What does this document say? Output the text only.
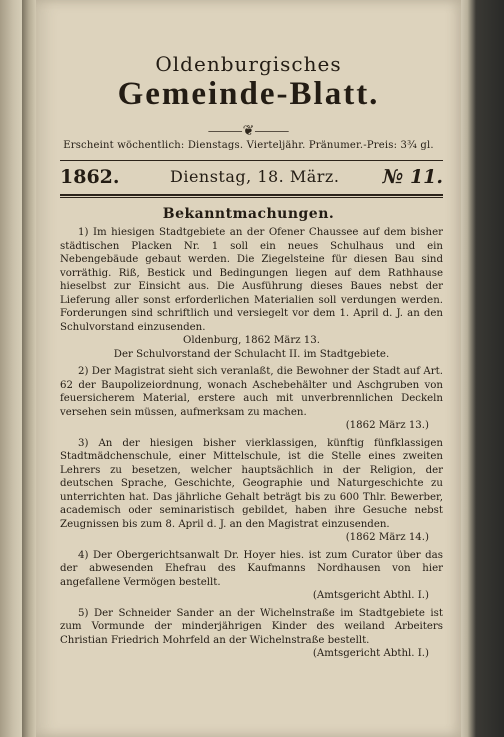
Oldenburgisches
Gemeinde-Blatt.
⸻❦⸻
Erscheint wöchentlich: Dienstags. Vierteljähr. Pränumer.-Preis: 3¾ gl.
1862.	Dienstag, 18. März. № 11.
Bekanntmachungen.

1) Im hiesigen Stadtgebiete an der Ofener Chaussee auf dem bisher städtischen Placken Nr. 1 soll ein neues Schulhaus und ein Nebengebäude gebaut werden. Die Ziegelsteine für diesen Bau sind vorräthig. Riß, Bestick und Bedingungen liegen auf dem Rathhause hieselbst zur Einsicht aus. Die Ausführung dieses Baues nebst der Lieferung aller sonst erforderlichen Materialien soll verdungen werden. Forderungen sind schriftlich und versiegelt vor dem 1. April d. J. an den Schulvorstand einzusenden.

Oldenburg, 1862 März 13.

Der Schulvorstand der Schulacht II. im Stadtgebiete.

2) Der Magistrat sieht sich veranlaßt, die Bewohner der Stadt auf Art. 62 der Baupolizeiordnung, wonach Aschebehälter und Aschgruben von feuersicherem Material, erstere auch mit unverbrennlichen Deckeln versehen sein müssen, aufmerksam zu machen.

(1862 März 13.)

3) An der hiesigen bisher vierklassigen, künftig fünfklassigen Stadtmädchenschule, einer Mittelschule, ist die Stelle eines zweiten Lehrers zu besetzen, welcher hauptsächlich in der Religion, der deutschen Sprache, Geschichte, Geographie und Naturgeschichte zu unterrichten hat. Das jährliche Gehalt beträgt bis zu 600 Thlr. Bewerber, academisch oder seminaristisch gebildet, haben ihre Gesuche nebst Zeugnissen bis zum 8. April d. J. an den Magistrat einzusenden.

(1862 März 14.)

4) Der Obergerichtsanwalt Dr. Hoyer hies. ist zum Curator über das der abwesenden Ehefrau des Kaufmanns Nordhausen von hier angefallene Vermögen bestellt.

(Amtsgericht Abthl. I.)

5) Der Schneider Sander an der Wichelnstraße im Stadtgebiete ist zum Vormunde der minderjährigen Kinder des weiland Arbeiters Christian Friedrich Mohrfeld an der Wichelnstraße bestellt.

(Amtsgericht Abthl. I.)
